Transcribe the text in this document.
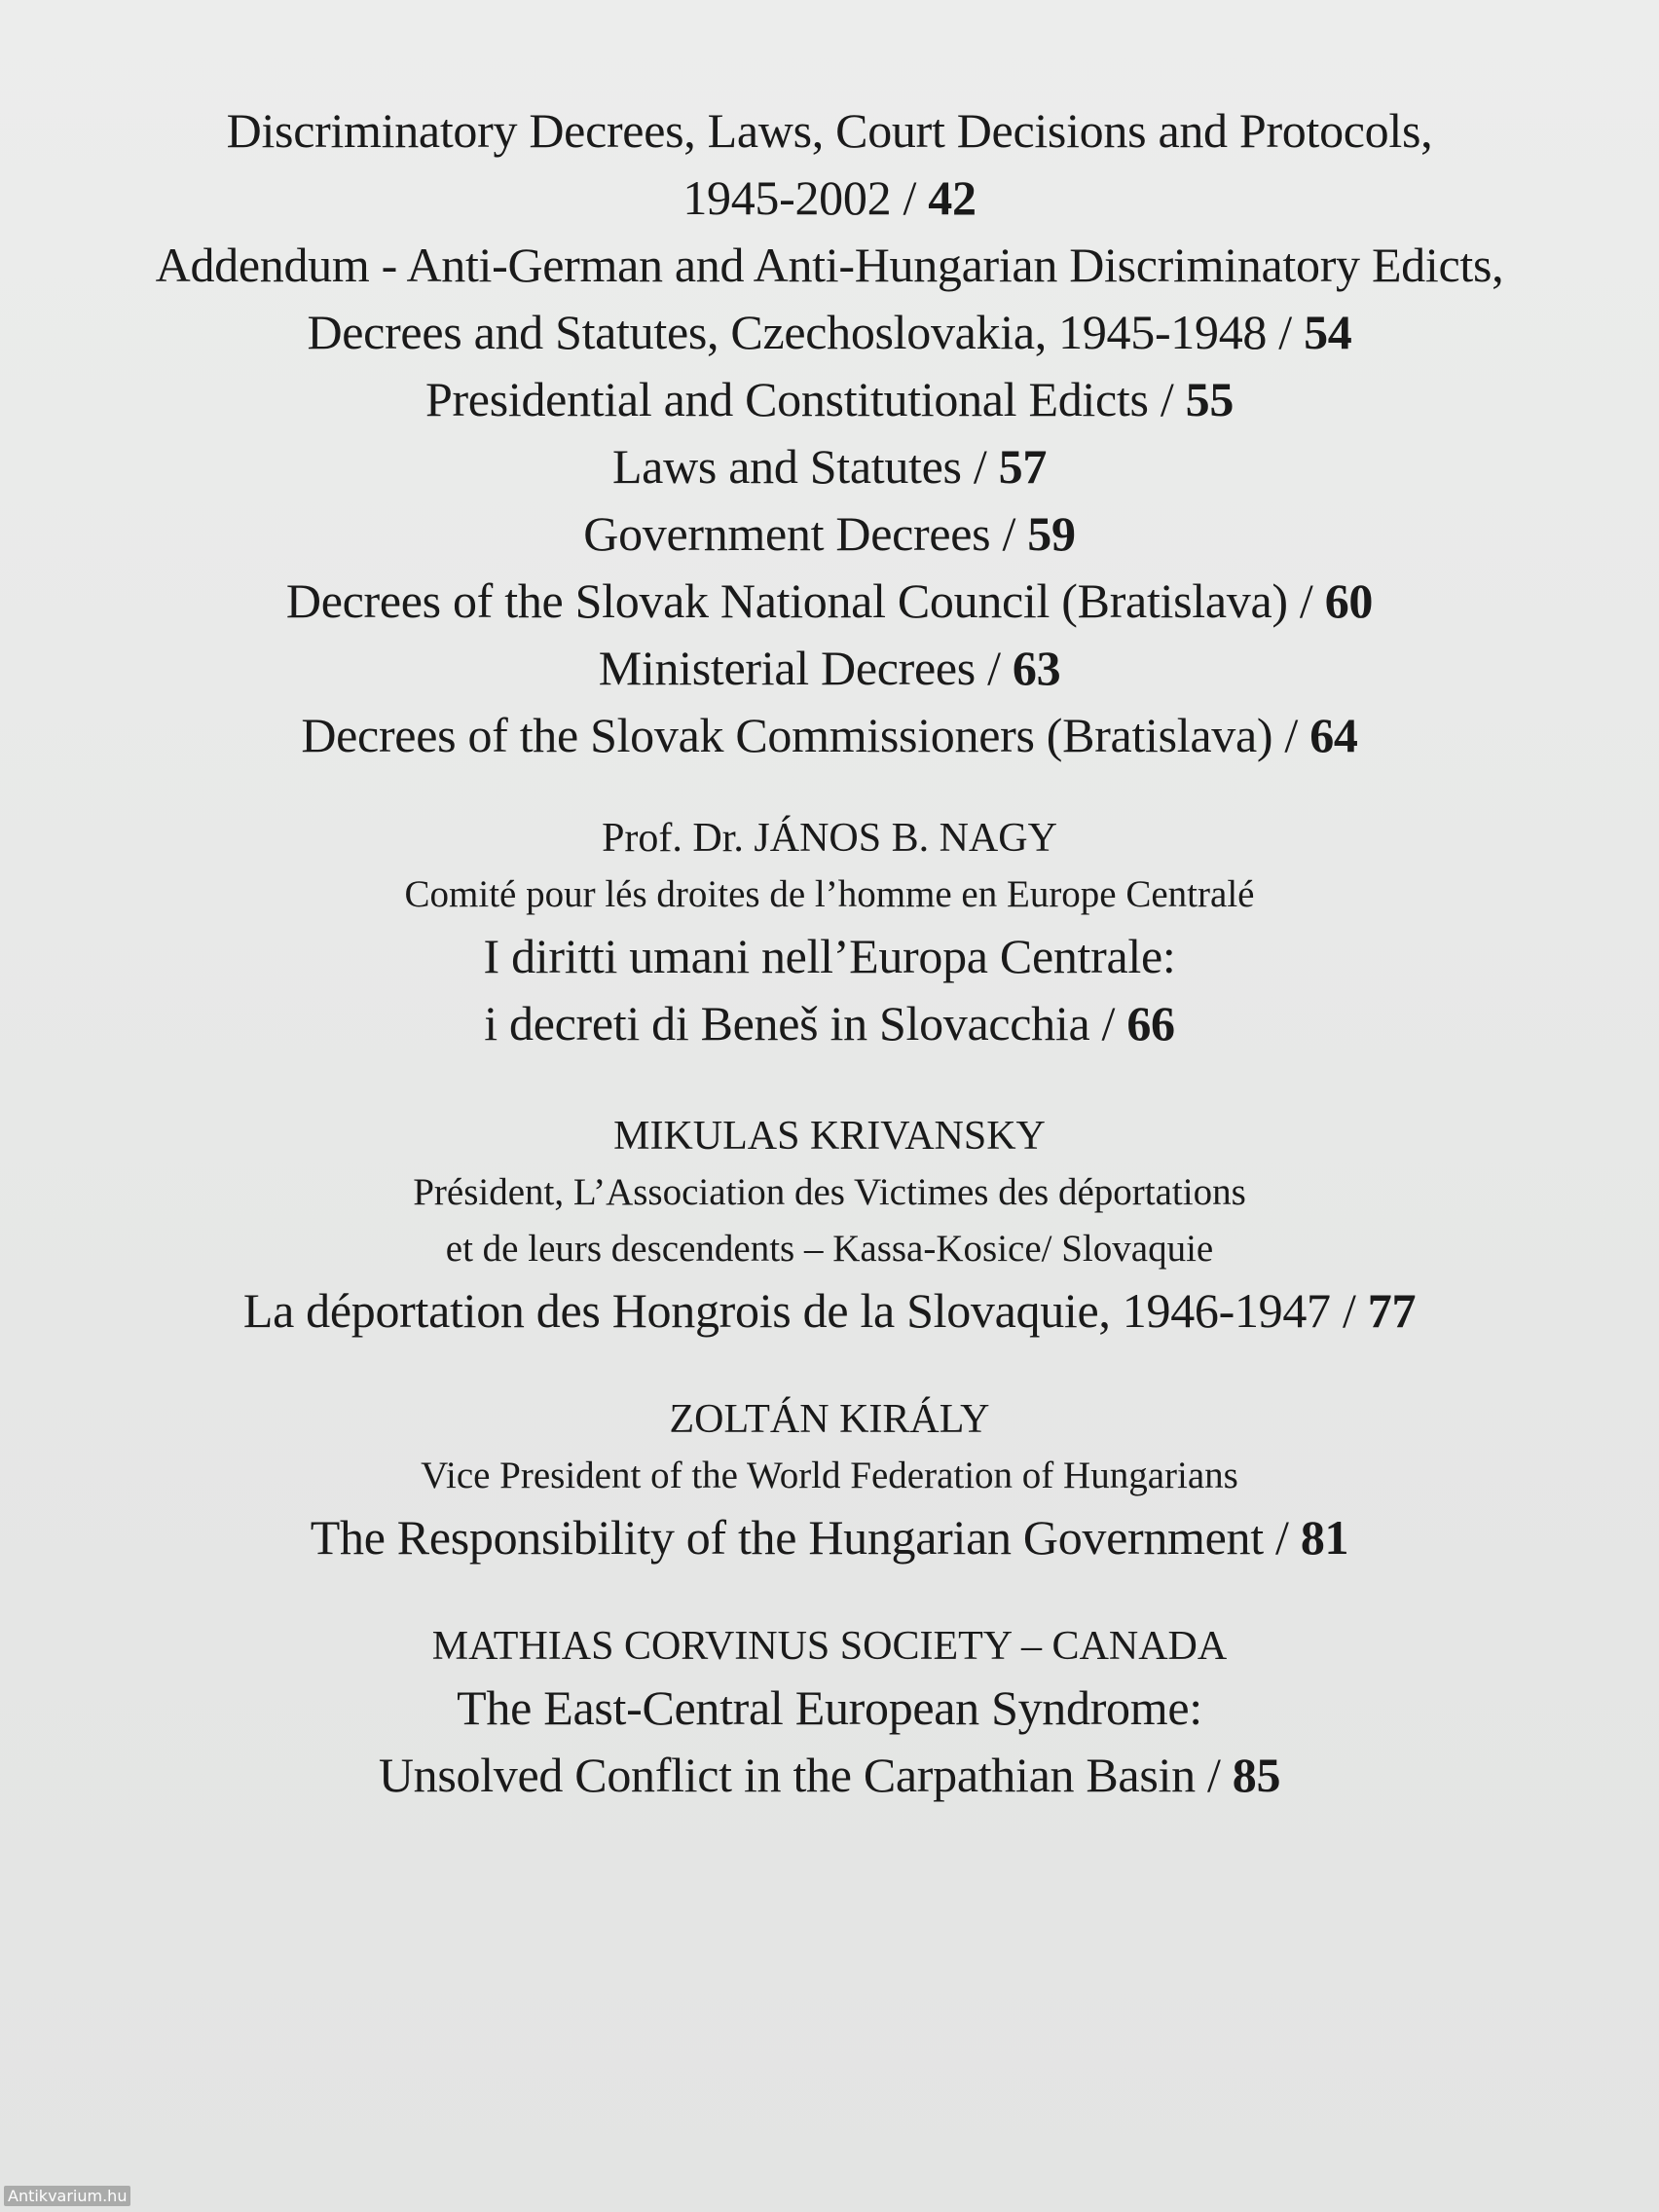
Discriminatory Decrees, Laws, Court Decisions and Protocols,
1945-2002 / 42
Addendum - Anti-German and Anti-Hungarian Discriminatory Edicts,
Decrees and Statutes, Czechoslovakia, 1945-1948 / 54
Presidential and Constitutional Edicts / 55
Laws and Statutes / 57
Government Decrees / 59
Decrees of the Slovak National Council (Bratislava) / 60
Ministerial Decrees / 63
Decrees of the Slovak Commissioners (Bratislava) / 64
Prof. Dr. JÁNOS B. NAGY
Comité pour lés droites de l’homme en Europe Centralé
I diritti umani nell’Europa Centrale:
i decreti di Beneš in Slovacchia / 66
MIKULAS KRIVANSKY
Président, L’Association des Victimes des déportations
et de leurs descendents – Kassa-Kosice/ Slovaquie
La déportation des Hongrois de la Slovaquie, 1946-1947 / 77
ZOLTÁN KIRÁLY
Vice President of the World Federation of Hungarians
The Responsibility of the Hungarian Government / 81
MATHIAS CORVINUS SOCIETY – CANADA
The East-Central European Syndrome:
Unsolved Conflict in the Carpathian Basin / 85
Antikvarium.hu
